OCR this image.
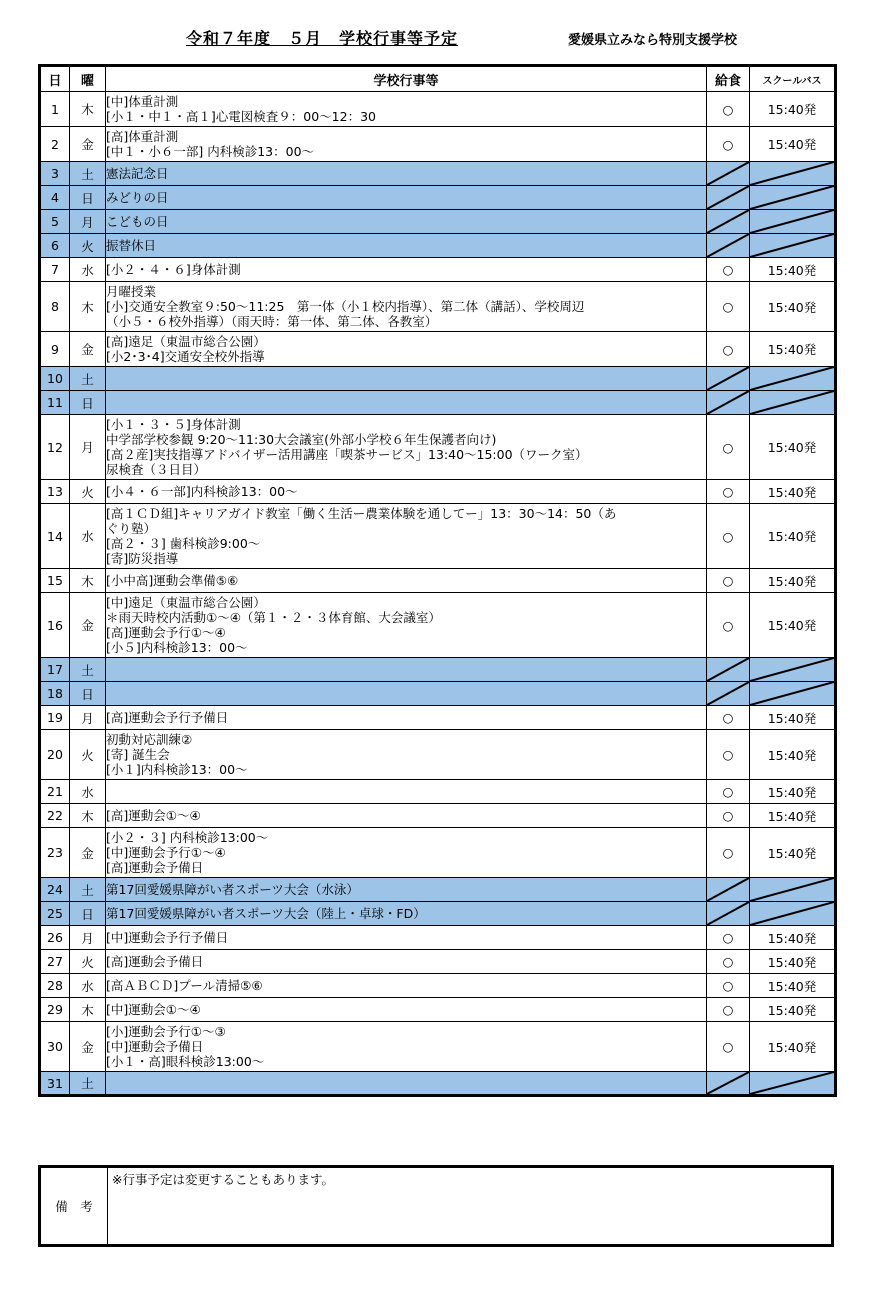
令和７年度　５月　学校行事等予定	愛媛県立みなら特別支援学校
日	曜	学校行事等	給食	スクールバス
1	木	[中]体重計測
[小１・中１・高１]心電図検査９：00～12：30	○	15:40発
2	金	[高]体重計測
[中１・小６一部] 内科検診13：00～	○	15:40発
3	土	憲法記念日

4	日	みどりの日

5	月	こどもの日

6	火	振替休日

7	水	[小２・４・６]身体計測	○	15:40発
8	木	月曜授業
[小]交通安全教室９:50～11:25　第一体（小１校内指導）、第二体（講話）、学校周辺
（小５・６校外指導）（雨天時：第一体、第二体、各教室）	○	15:40発
9	金	[高]遠足（東温市総合公園）
[小2･3･4]交通安全校外指導	○	15:40発
10	土	

11	日	

12	月	[小１・３・５]身体計測
中学部学校参観 9:20～11:30大会議室(外部小学校６年生保護者向け)
[高２産]実技指導アドバイザー活用講座「喫茶サービス」13:40～15:00（ワーク室）
尿検査（３日目）	○	15:40発
13	火	[小４・６一部]内科検診13：00～	○	15:40発
14	水	[高１ＣＤ組]キャリアガイド教室「働く生活ー農業体験を通してー」13：30～14：50（あ
ぐり塾）
[高２・３] 歯科検診9:00～
[寄]防災指導	○	15:40発
15	木	[小中高]運動会準備⑤⑥	○	15:40発
16	金	[中]遠足（東温市総合公園）
＊雨天時校内活動①～④（第１・２・３体育館、大会議室）
[高]運動会予行①～④
[小５]内科検診13：00～	○	15:40発
17	土	

18	日	

19	月	[高]運動会予行予備日	○	15:40発
20	火	初動対応訓練②
[寄] 誕生会
[小１]内科検診13：00～	○	15:40発
21	水		○	15:40発
22	木	[高]運動会①～④	○	15:40発
23	金	[小２・３] 内科検診13:00～
[中]運動会予行①～④
[高]運動会予備日	○	15:40発
24	土	第17回愛媛県障がい者スポーツ大会（水泳）

25	日	第17回愛媛県障がい者スポーツ大会（陸上・卓球・FD）

26	月	[中]運動会予行予備日	○	15:40発
27	火	[高]運動会予備日	○	15:40発
28	水	[高ＡＢＣＤ]プール清掃⑤⑥	○	15:40発
29	木	[中]運動会①～④	○	15:40発
30	金	[小]運動会予行①～③
[中]運動会予備日
[小１・高]眼科検診13:00～	○	15:40発
31	土	

備　考	※行事予定は変更することもあります。
